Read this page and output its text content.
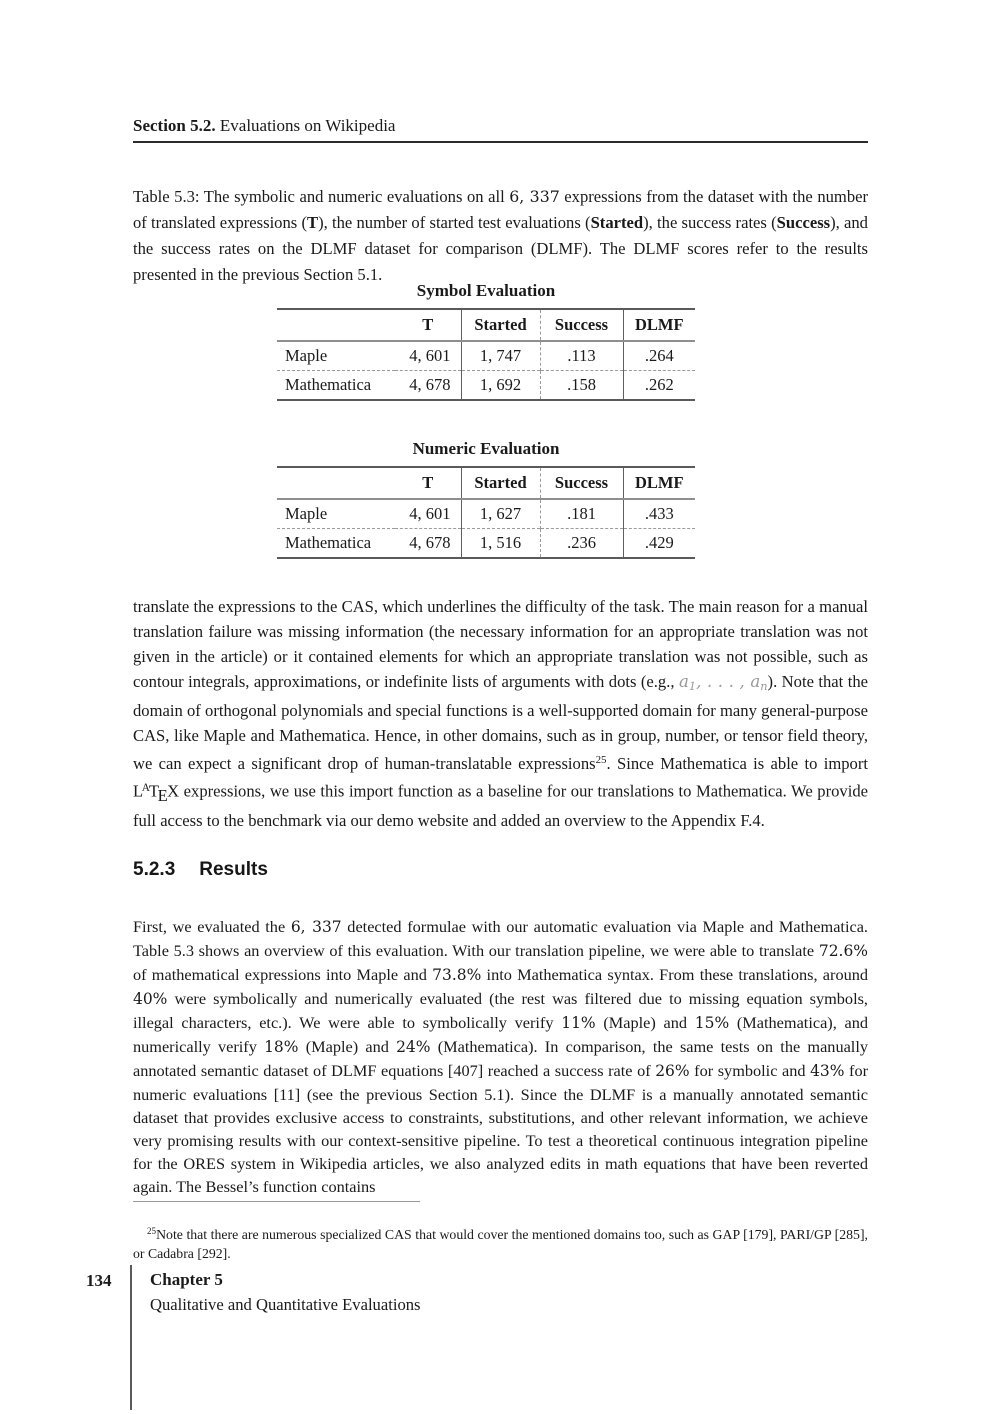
Section 5.2. Evaluations on Wikipedia

Table 5.3: The symbolic and numeric evaluations on all 6, 337 expressions from the dataset with the number of translated expressions (T), the number of started test evaluations (Started), the success rates (Success), and the success rates on the DLMF dataset for comparison (DLMF). The DLMF scores refer to the results presented in the previous Section 5.1.

Symbol Evaluation
	T	Started	Success	DLMF
Maple	4, 601	1, 747	.113	.264
Mathematica	4, 678	1, 692	.158	.262
Numeric Evaluation
	T	Started	Success	DLMF
Maple	4, 601	1, 627	.181	.433
Mathematica	4, 678	1, 516	.236	.429

translate the expressions to the CAS, which underlines the difficulty of the task. The main reason for a manual translation failure was missing information (the necessary information for an appropriate translation was not given in the article) or it contained elements for which an appropriate translation was not possible, such as contour integrals, approximations, or indefinite lists of arguments with dots (e.g., a1, . . . , an). Note that the domain of orthogonal polynomials and special functions is a well-supported domain for many general-purpose CAS, like Maple and Mathematica. Hence, in other domains, such as in group, number, or tensor field theory, we can expect a significant drop of human-translatable expressions$^{25}$. Since Mathematica is able to import $L^ATEX$ expressions, we use this import function as a baseline for our translations to Mathematica. We provide full access to the benchmark via our demo website and added an overview to the Appendix F.4.

5.2.3 Results

First, we evaluated the 6, 337 detected formulae with our automatic evaluation via Maple and Mathematica. Table 5.3 shows an overview of this evaluation. With our translation pipeline, we were able to translate 72.6% of mathematical expressions into Maple and 73.8% into Mathematica syntax. From these translations, around 40% were symbolically and numerically evaluated (the rest was filtered due to missing equation symbols, illegal characters, etc.). We were able to symbolically verify 11% (Maple) and 15% (Mathematica), and numerically verify 18% (Maple) and 24% (Mathematica). In comparison, the same tests on the manually annotated semantic dataset of DLMF equations [407] reached a success rate of 26% for symbolic and 43% for numeric evaluations [11] (see the previous Section 5.1). Since the DLMF is a manually annotated semantic dataset that provides exclusive access to constraints, substitutions, and other relevant information, we achieve very promising results with our context-sensitive pipeline. To test a theoretical continuous integration pipeline for the ORES system in Wikipedia articles, we also analyzed edits in math equations that have been reverted again. The Bessel’s function contains

$^{25}$Note that there are numerous specialized CAS that would cover the mentioned domains too, such as GAP [179], PARI/GP [285], or Cadabra [292].

134 Chapter 5
Qualitative and Quantitative Evaluations
